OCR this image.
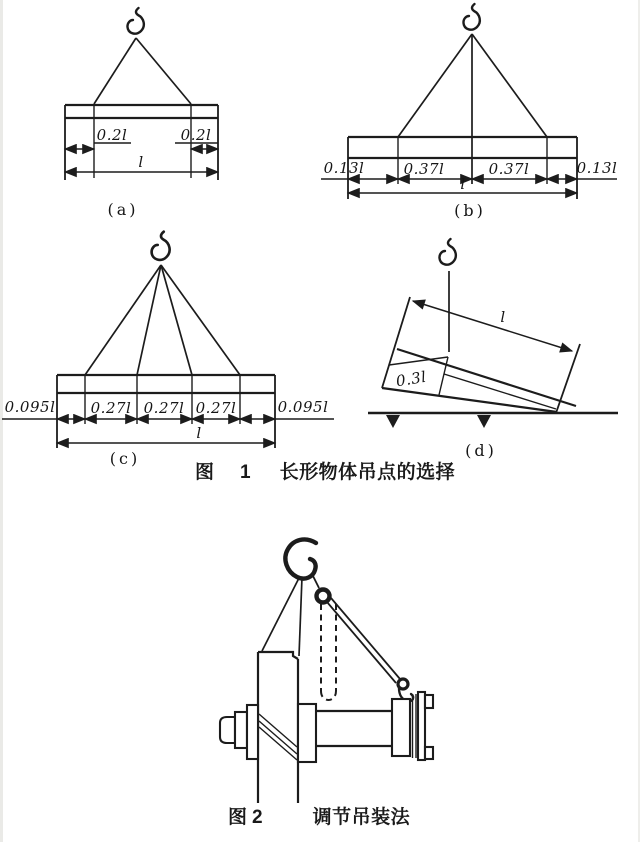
0.2l	0.2l
l
(a)
0.13l	0.37l	0.37l	0.13l
l
(b)
0.095l 0.27l 0.27l 0.27l	0.095l
l
(c)
l
0.3l
(d)
图 1 长形物体吊点的选择
图 2	调节吊装法
